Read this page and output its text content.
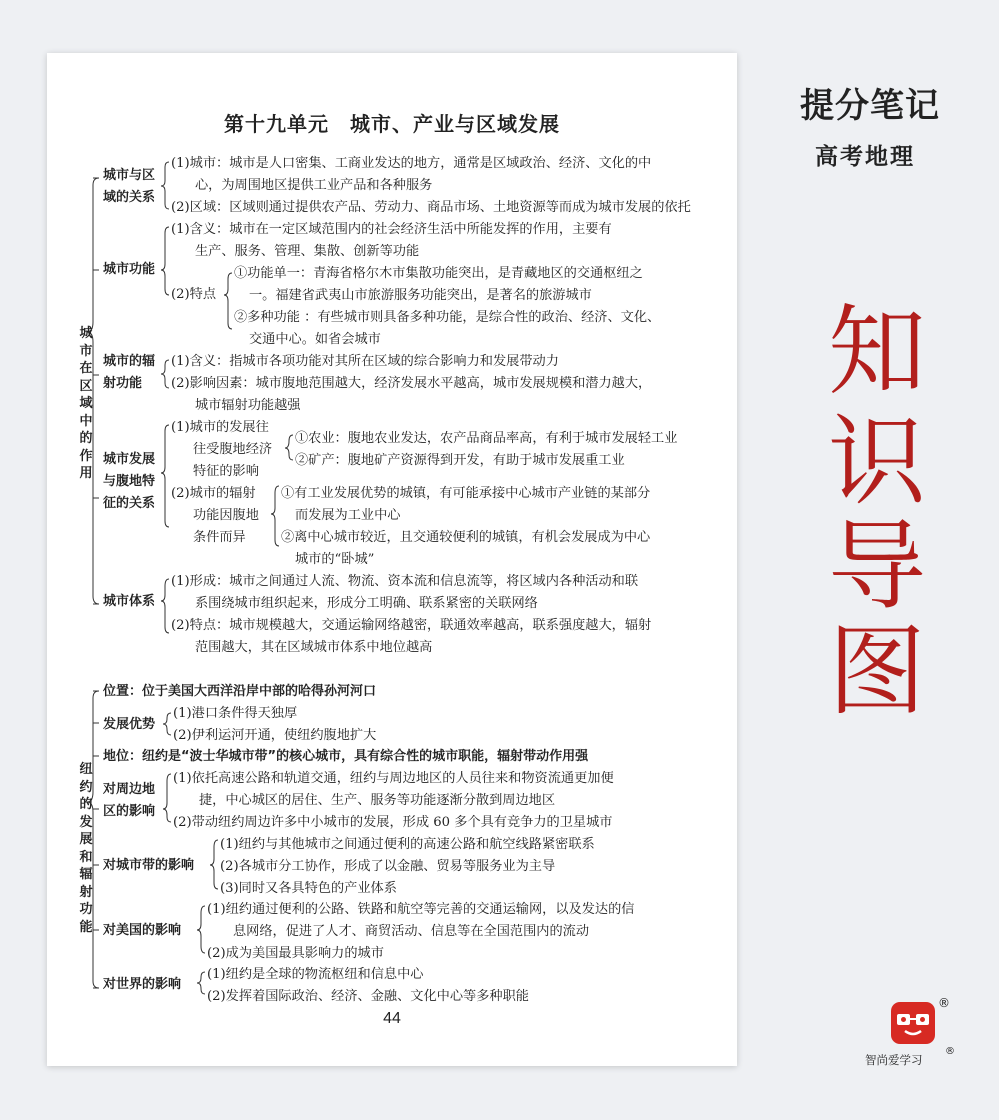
第十九单元　城市、产业与区域发展
城市在区域中的作用
城市与区
域的关系
(1)城市：城市是人口密集、工商业发达的地方，通常是区域政治、经济、文化的中
心，为周围地区提供工业产品和各种服务
(2)区域：区域则通过提供农产品、劳动力、商品市场、土地资源等而成为城市发展的依托
城市功能
(1)含义：城市在一定区域范围内的社会经济生活中所能发挥的作用，主要有
生产、服务、管理、集散、创新等功能
(2)特点
①功能单一：青海省格尔木市集散功能突出，是青藏地区的交通枢纽之
一。福建省武夷山市旅游服务功能突出，是著名的旅游城市
②多种功能 ：有些城市则具备多种功能，是综合性的政治、经济、文化、
交通中心。如省会城市
城市的辐
射功能
(1)含义：指城市各项功能对其所在区域的综合影响力和发展带动力
(2)影响因素：城市腹地范围越大，经济发展水平越高，城市发展规模和潜力越大，
城市辐射功能越强
城市发展
与腹地特
征的关系
(1)城市的发展往
往受腹地经济
特征的影响
①农业：腹地农业发达，农产品商品率高，有利于城市发展轻工业
②矿产：腹地矿产资源得到开发，有助于城市发展重工业
(2)城市的辐射
功能因腹地
条件而异
①有工业发展优势的城镇，有可能承接中心城市产业链的某部分
而发展为工业中心
②离中心城市较近，且交通较便利的城镇，有机会发展成为中心
城市的“卧城”
城市体系
(1)形成：城市之间通过人流、物流、资本流和信息流等，将区域内各种活动和联
系围绕城市组织起来，形成分工明确、联系紧密的关联网络
(2)特点：城市规模越大，交通运输网络越密，联通效率越高，联系强度越大，辐射
范围越大，其在区域城市体系中地位越高
纽约的发展和辐射功能
位置：位于美国大西洋沿岸中部的哈得孙河河口
发展优势
(1)港口条件得天独厚
(2)伊利运河开通，使纽约腹地扩大
地位：纽约是“波士华城市带”的核心城市，具有综合性的城市职能，辐射带动作用强
对周边地
区的影响
(1)依托高速公路和轨道交通，纽约与周边地区的人员往来和物资流通更加便
捷，中心城区的居住、生产、服务等功能逐渐分散到周边地区
(2)带动纽约周边许多中小城市的发展，形成 60 多个具有竞争力的卫星城市
对城市带的影响
(1)纽约与其他城市之间通过便利的高速公路和航空线路紧密联系
(2)各城市分工协作，形成了以金融、贸易等服务业为主导
(3)同时又各具特色的产业体系
对美国的影响
(1)纽约通过便利的公路、铁路和航空等完善的交通运输网，以及发达的信
息网络，促进了人才、商贸活动、信息等在全国范围内的流动
(2)成为美国最具影响力的城市
对世界的影响
(1)纽约是全球的物流枢纽和信息中心
(2)发挥着国际政治、经济、金融、文化中心等多种职能
44
提分笔记
高考地理
知
识
导
图
®
智尚爱学习
®
